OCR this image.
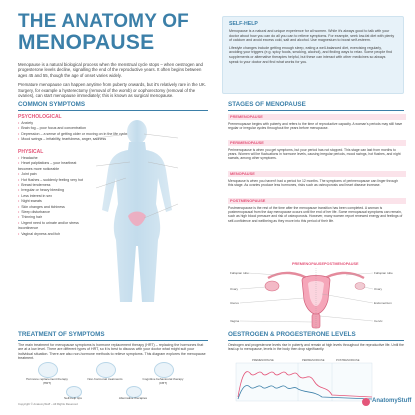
THE ANATOMY OF
MENOPAUSE

Menopause is a natural biological process when the menstrual cycle stops – when oestrogen and progesterone levels decline, signalling the end of the reproductive years. It often begins between ages 45 and 55, though the age of onset varies widely.

Premature menopause can happen anytime from puberty onwards, but it's relatively rare in the UK. Surgery, for example a hysterectomy (removal of the womb) or oophorectomy (removal of the ovaries), can start menopause immediately; this is known as surgical menopause.

SELF-HELP

Menopause is a natural and unique experience for all women. While it's always good to talk with your doctor about how you can do all you can to relieve symptoms. For example, seek low-fat diet with plenty of calcium and avoid excess cold, salt and alcohol. Use magnesium to boost self-esteem.

Lifestyle changes include getting enough sleep, eating a well-balanced diet, exercising regularly, avoiding your triggers (e.g. spicy foods, smoking, alcohol), and finding ways to relax. Some people find supplements or alternative therapies helpful, but these can interact with other medicines so always speak to your doctor and find what works for you.

COMMON SYMPTOMS
PSYCHOLOGICAL
• Anxiety
• Brain fog – poor focus and concentration
• Depression – a sense of getting older or moving on in the life cycle
• Mood swings – irritability, tearfulness, anger, sadness
PHYSICAL
• Headache
• Heart palpitations – your heartbeat becomes more noticeable
• Joint pain
• Hot flushes – suddenly feeling very hot
• Breast tenderness
• Irregular or heavy bleeding
• Less interest in sex
• Night sweats
• Skin changes and itchiness
• Sleep disturbance
• Thinning hair
• Urgent need to urinate and/or stress incontinence
• Vaginal dryness and itch
STAGES OF MENOPAUSE
PREMENOPAUSE
Premenopause begins with puberty and refers to the time of reproductive capacity. A woman's periods may still have regular or irregular cycles throughout the years before menopause.
PERIMENOPAUSE
Perimenopause is when you get symptoms, but your period has not stopped. This stage can last from months to years. Women will be fluctuations in hormone levels, causing irregular periods, mood swings, hot flushes, and night sweats, among other symptoms.
MENOPAUSE
Menopause is when you haven't had a period for 12 months. The symptoms of perimenopause can linger through this stage. As ovaries produce less hormones, risks such as osteoporosis and heart disease increase.
POSTMENOPAUSE
Postmenopause is the rest of the time after the menopause transition has been completed. A woman is postmenopausal from the day menopause occurs until the end of her life. Some menopausal symptoms can remain, such as high blood pressure and risk of osteoporosis. However, many women report renewed energy and feelings of self-confidence and wellbeing as they move into this period of their life.
PREMENOPAUSE POSTMENOPAUSE
Fallopian tube
Ovary
Uterus
Vagina
Fallopian tube
Ovary
Endometrium
Cervix
TREATMENT OF SYMPTOMS
The main treatment for menopause symptoms is hormone replacement therapy (HRT) – replacing the hormones that are at a low level. There are different types of HRT, so it is best to discuss with your doctor what might suit your individual situation. There are also non-hormone methods to relieve symptoms. This diagram explores the menopause treatment.
Hormone replacement therapy (HRT)
Non-hormonal treatments	Cognitive behavioural therapy (CBT)
Self-help tips	Alternative therapies
OESTROGEN & PROGESTERONE LEVELS
Oestrogen and progesterone levels rise in puberty and remain at high levels throughout the reproductive life. Until the lead-up to menopause, levels in the body then drop significantly.
PREMENOPAUSE	PERIMENOPAUSE	POSTMENOPAUSE
Copyright © AnatomyStuff – All Rights Reserved	AnatomyStuff
